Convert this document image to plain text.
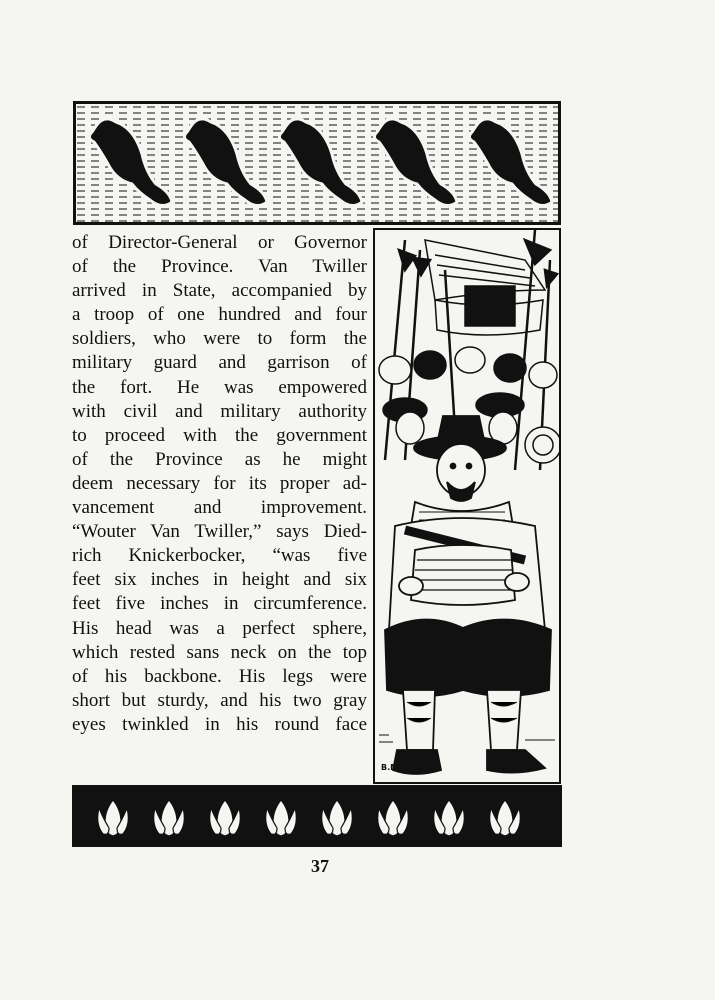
of Director-General or Governor
of the Province. Van Twiller
arrived in State, accompanied by
a troop of one hundred and four
soldiers, who were to form the
military guard and garrison of
the fort. He was empowered
with civil and military authority
to proceed with the government
of the Province as he might
deem necessary for its proper ad-
vancement and improvement.
“Wouter Van Twiller,” says Died-
rich Knickerbocker, “was five
feet six inches in height and six
feet five inches in circumference.
His head was a perfect sphere,
which rested sans neck on the top
of his backbone. His legs were
short but sturdy, and his two gray
eyes twinkled in his round face
B.McM
37
